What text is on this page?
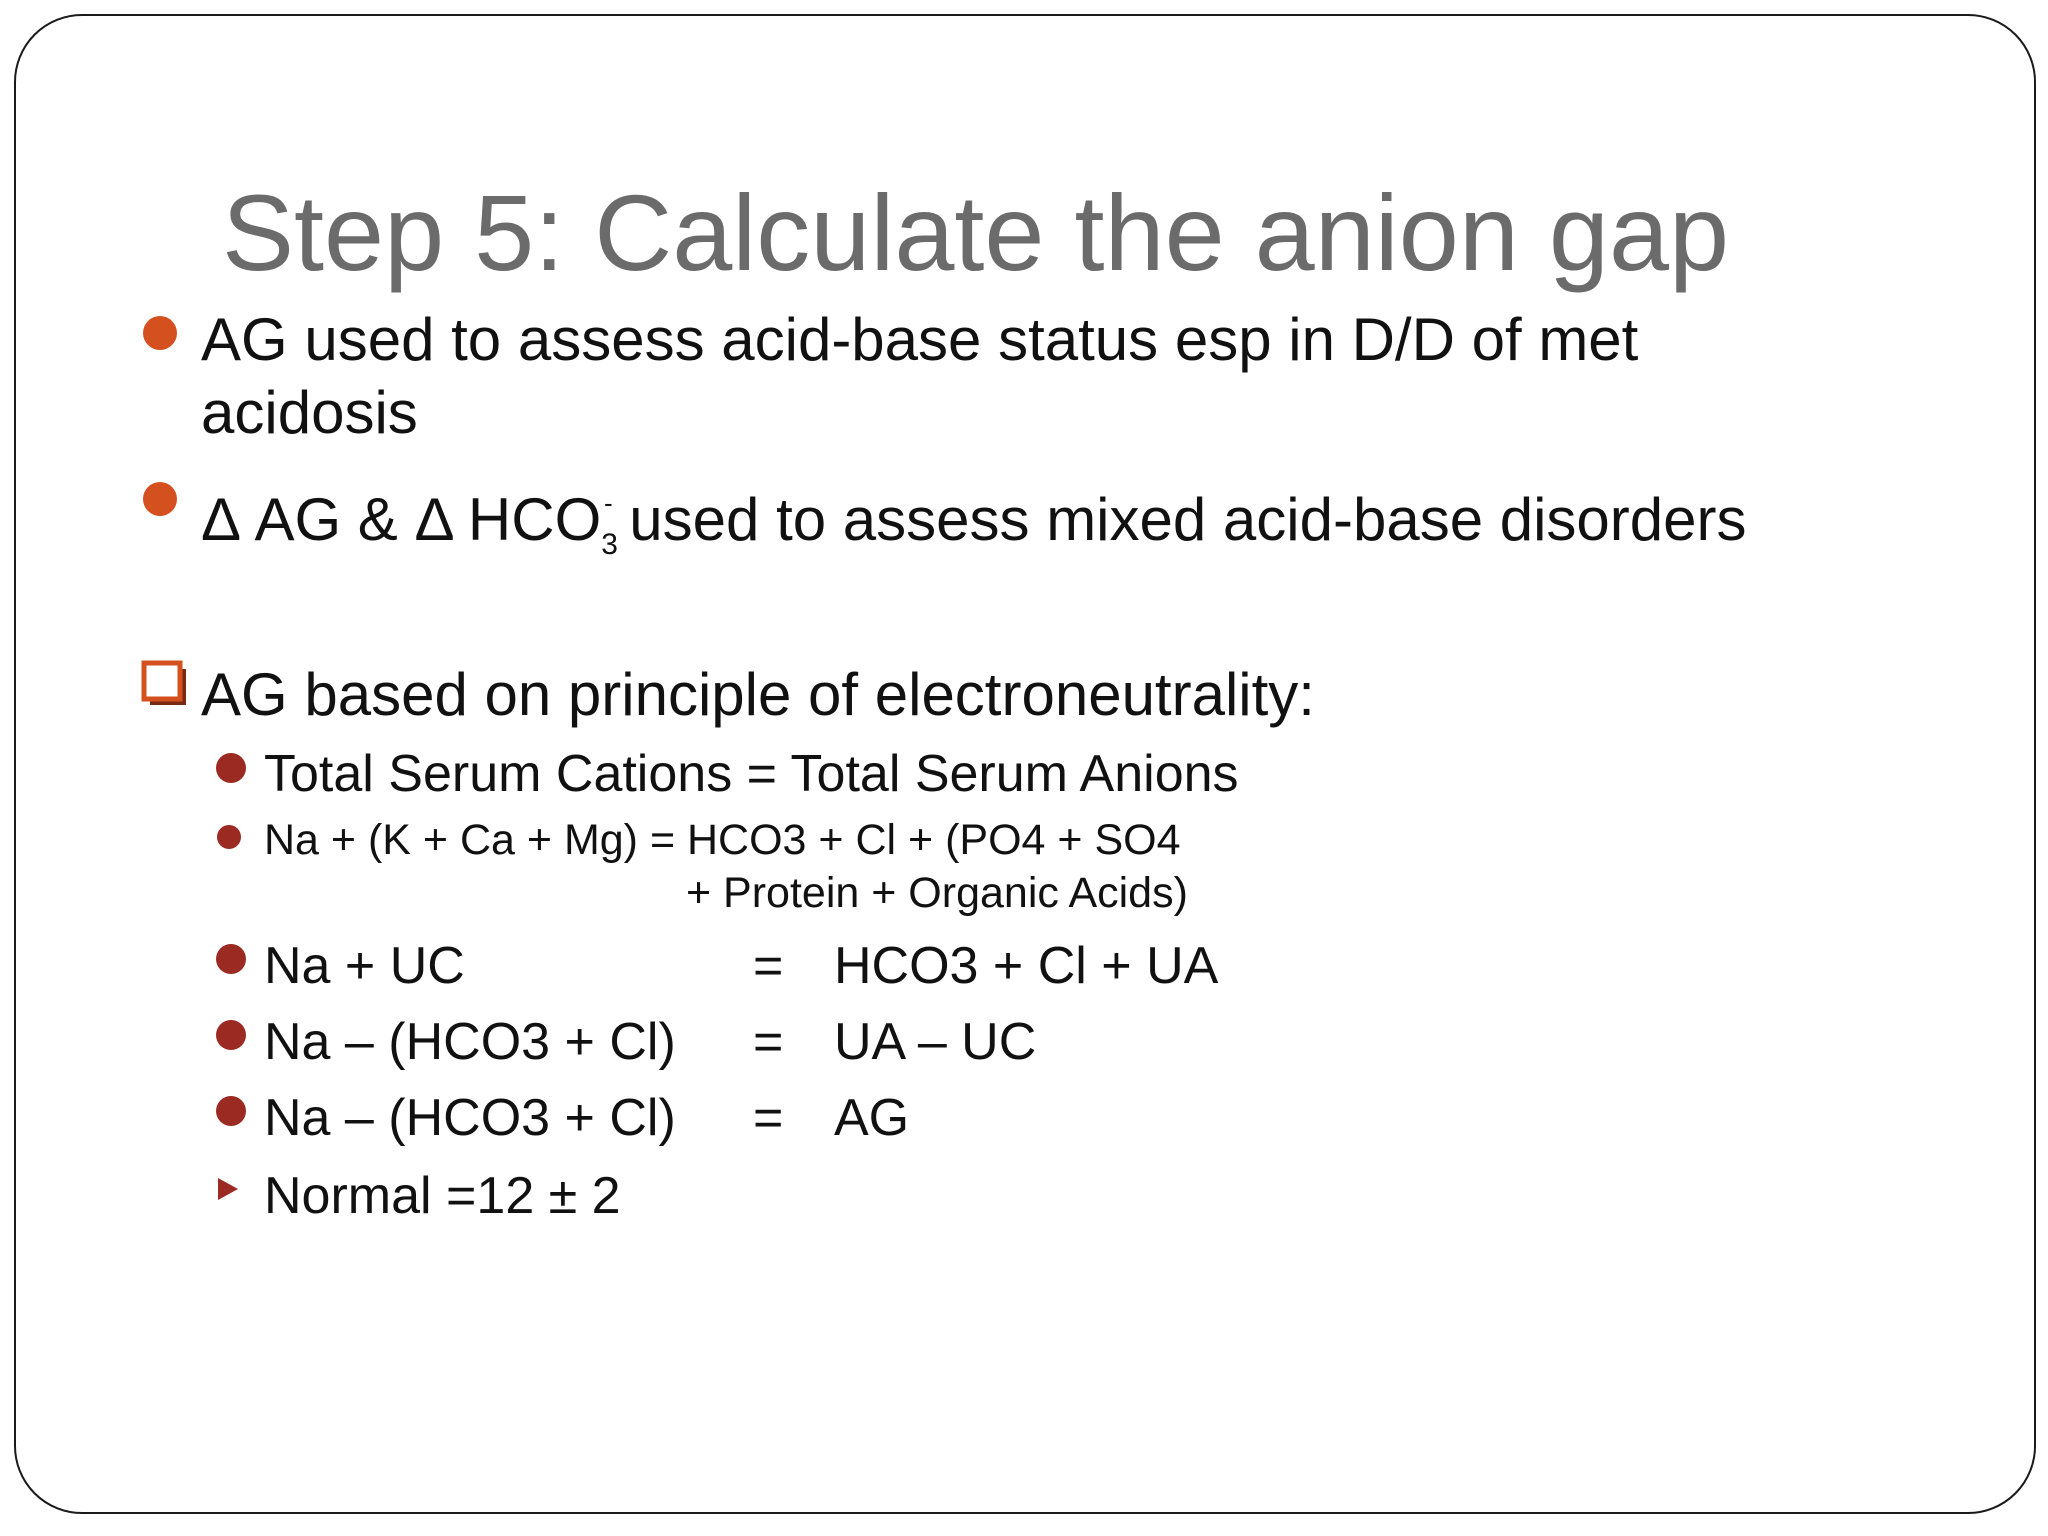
Step 5: Calculate the anion gap
AG used to assess acid-base status esp in D/D of met
acidosis
Δ AG & Δ $HCO_3^-$ used to assess mixed acid-base disorders
AG based on principle of electroneutrality:
Total Serum Cations = Total Serum Anions
Na + (K + Ca + Mg) = HCO3 + Cl + (PO4 + SO4
+ Protein + Organic Acids)
Na + UC	= HCO3 + Cl + UA
Na – (HCO3 + Cl) = UA – UC
Na – (HCO3 + Cl) = AG
Normal =12 ± 2
